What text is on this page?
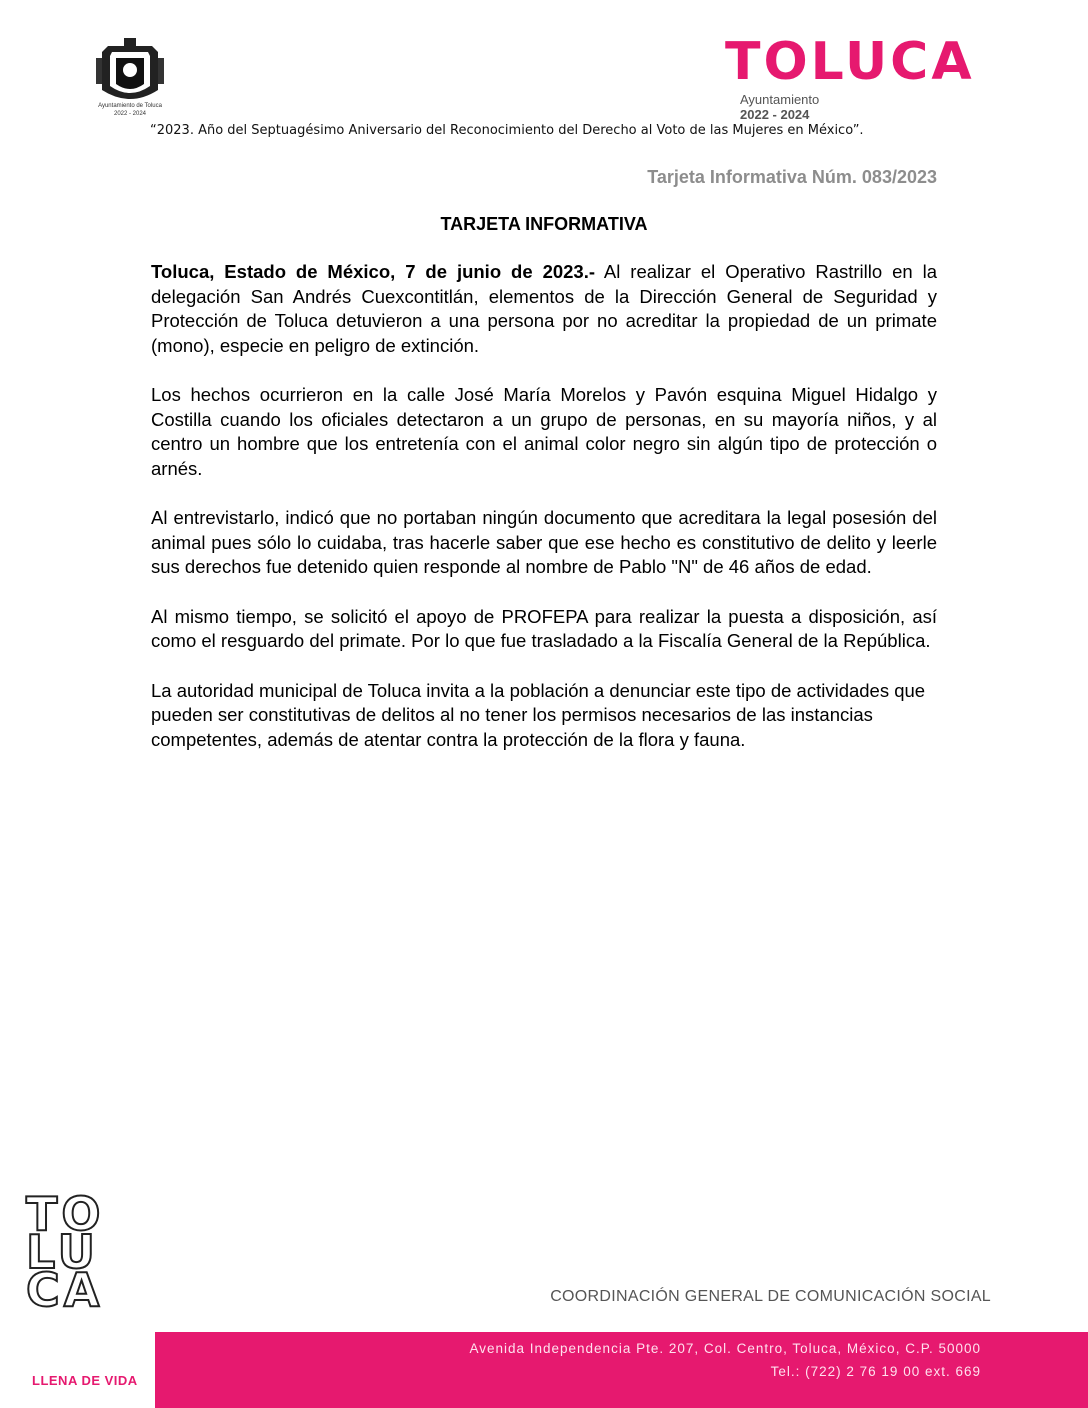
Ayuntamiento de Toluca
2022 - 2024
TOLUCA
Ayuntamiento
2022 - 2024
“2023. Año del Septuagésimo Aniversario del Reconocimiento del Derecho al Voto de las Mujeres en México”.
Tarjeta Informativa Núm. 083/2023
TARJETA INFORMATIVA

Toluca, Estado de México, 7 de junio de 2023.- Al realizar el Operativo Rastrillo en la delegación San Andrés Cuexcontitlán, elementos de la Dirección General de Seguridad y Protección de Toluca detuvieron a una persona por no acreditar la propiedad de un primate (mono), especie en peligro de extinción.

Los hechos ocurrieron en la calle José María Morelos y Pavón esquina Miguel Hidalgo y Costilla cuando los oficiales detectaron a un grupo de personas, en su mayoría niños, y al centro un hombre que los entretenía con el animal color negro sin algún tipo de protección o arnés.

Al entrevistarlo, indicó que no portaban ningún documento que acreditara la legal posesión del animal pues sólo lo cuidaba, tras hacerle saber que ese hecho es constitutivo de delito y leerle sus derechos fue detenido quien responde al nombre de Pablo "N" de 46 años de edad.

Al mismo tiempo, se solicitó el apoyo de PROFEPA para realizar la puesta a disposición, así como el resguardo del primate. Por lo que fue trasladado a la Fiscalía General de la República.

La autoridad municipal de Toluca invita a la población a denunciar este tipo de actividades que pueden ser constitutivas de delitos al no tener los permisos necesarios de las instancias competentes, además de atentar contra la protección de la flora y fauna.

TO
LU
CA
LLENA DE VIDA
COORDINACIÓN GENERAL DE COMUNICACIÓN SOCIAL
Avenida Independencia Pte. 207, Col. Centro, Toluca, México, C.P. 50000
Tel.: (722) 2 76 19 00 ext. 669
